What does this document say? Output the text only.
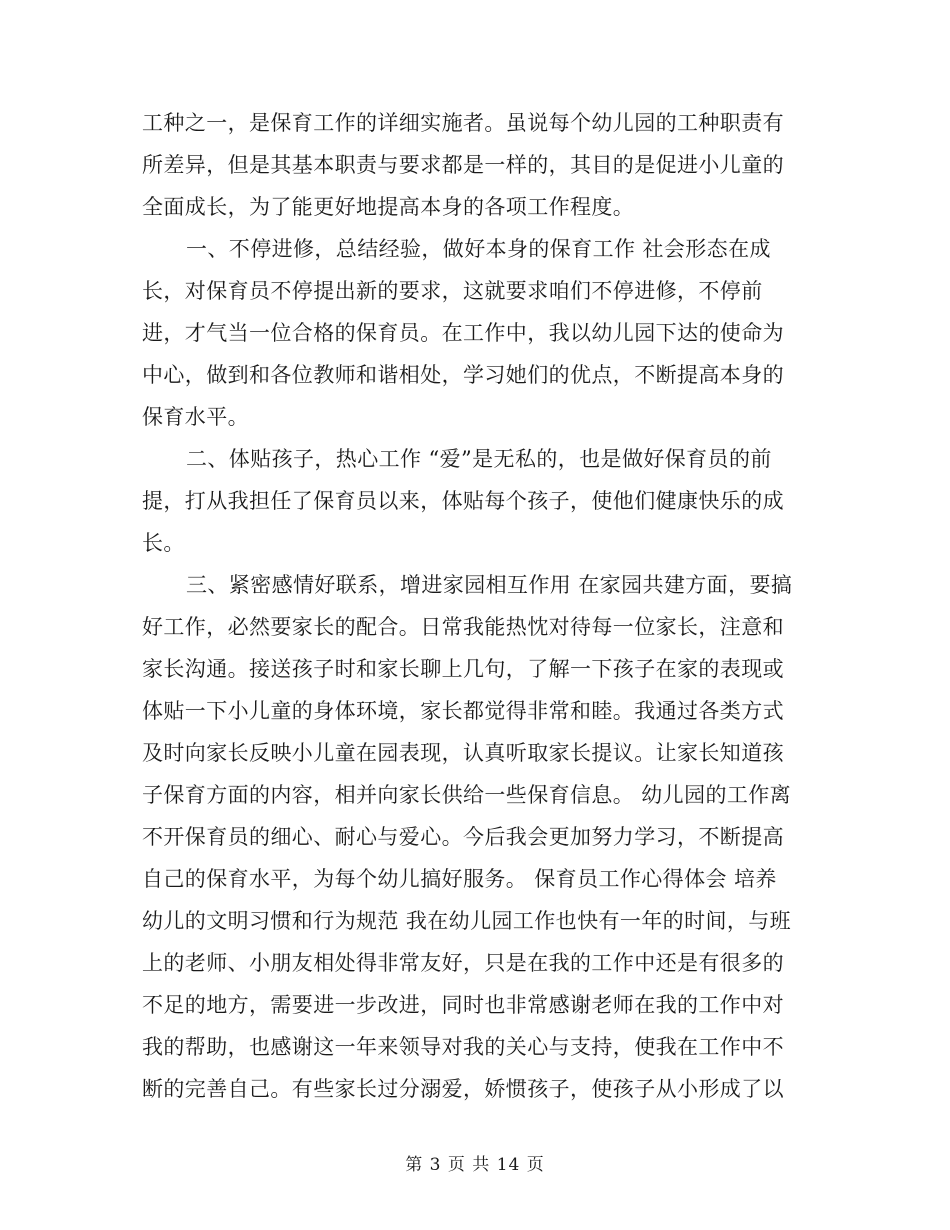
工种之一，是保育工作的详细实施者。虽说每个幼儿园的工种职责有
所差异，但是其基本职责与要求都是一样的，其目的是促进小儿童的
全面成长，为了能更好地提高本身的各项工作程度。
一、不停进修，总结经验，做好本身的保育工作 社会形态在成
长，对保育员不停提出新的要求，这就要求咱们不停进修，不停前
进，才气当一位合格的保育员。在工作中，我以幼儿园下达的使命为
中心，做到和各位教师和谐相处，学习她们的优点，不断提高本身的
保育水平。
二、体贴孩子，热心工作 “爱”是无私的，也是做好保育员的前
提，打从我担任了保育员以来，体贴每个孩子，使他们健康快乐的成
长。
三、紧密感情好联系，增进家园相互作用 在家园共建方面，要搞
好工作，必然要家长的配合。日常我能热忱对待每一位家长，注意和
家长沟通。接送孩子时和家长聊上几句，了解一下孩子在家的表现或
体贴一下小儿童的身体环境，家长都觉得非常和睦。我通过各类方式
及时向家长反映小儿童在园表现，认真听取家长提议。让家长知道孩
子保育方面的内容，相并向家长供给一些保育信息。 幼儿园的工作离
不开保育员的细心、耐心与爱心。今后我会更加努力学习，不断提高
自己的保育水平，为每个幼儿搞好服务。 保育员工作心得体会 培养
幼儿的文明习惯和行为规范 我在幼儿园工作也快有一年的时间，与班
上的老师、小朋友相处得非常友好，只是在我的工作中还是有很多的
不足的地方，需要进一步改进，同时也非常感谢老师在我的工作中对
我的帮助，也感谢这一年来领导对我的关心与支持，使我在工作中不
断的完善自己。有些家长过分溺爱，娇惯孩子，使孩子从小形成了以
第 3 页 共 14 页
